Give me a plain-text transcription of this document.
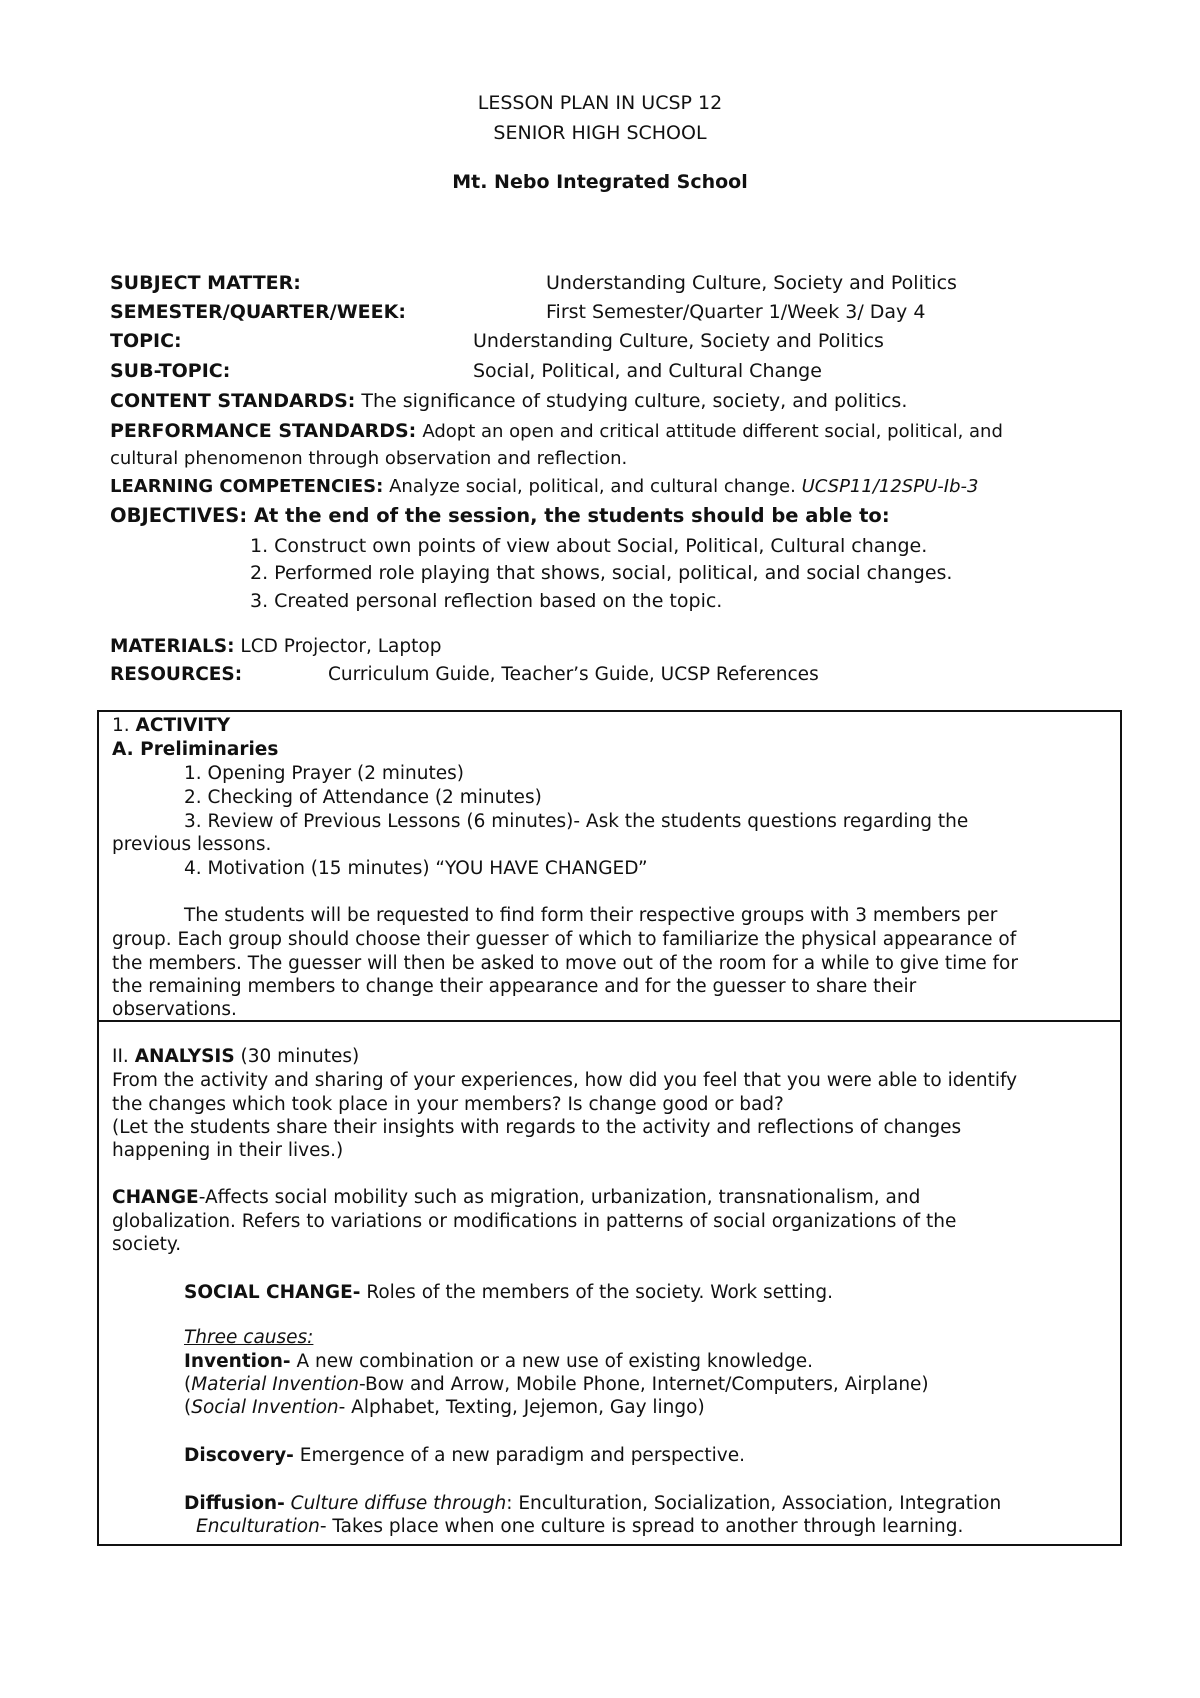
LESSON PLAN IN UCSP 12
SENIOR HIGH SCHOOL
Mt. Nebo Integrated School
SUBJECT MATTER:	Understanding Culture, Society and Politics
SEMESTER/QUARTER/WEEK:	First Semester/Quarter 1/Week 3/ Day 4
TOPIC:	Understanding Culture, Society and Politics
SUB-TOPIC:	Social, Political, and Cultural Change
CONTENT STANDARDS: The significance of studying culture, society, and politics.
PERFORMANCE STANDARDS: Adopt an open and critical attitude different social, political, and
cultural phenomenon through observation and reflection.
LEARNING COMPETENCIES: Analyze social, political, and cultural change. UCSP11/12SPU-Ib-3
OBJECTIVES: At the end of the session, the students should be able to:
1. Construct own points of view about Social, Political, Cultural change.
2. Performed role playing that shows, social, political, and social changes.
3. Created personal reflection based on the topic.
MATERIALS: LCD Projector, Laptop
RESOURCES:	Curriculum Guide, Teacher’s Guide, UCSP References
1. ACTIVITY
A. Preliminaries
1. Opening Prayer (2 minutes)
2. Checking of Attendance (2 minutes)
3. Review of Previous Lessons (6 minutes)- Ask the students questions regarding the
previous lessons.
4. Motivation (15 minutes) “YOU HAVE CHANGED”
The students will be requested to find form their respective groups with 3 members per
group. Each group should choose their guesser of which to familiarize the physical appearance of
the members. The guesser will then be asked to move out of the room for a while to give time for
the remaining members to change their appearance and for the guesser to share their
observations.
II. ANALYSIS (30 minutes)
From the activity and sharing of your experiences, how did you feel that you were able to identify
the changes which took place in your members? Is change good or bad?
(Let the students share their insights with regards to the activity and reflections of changes
happening in their lives.)
CHANGE-Affects social mobility such as migration, urbanization, transnationalism, and
globalization. Refers to variations or modifications in patterns of social organizations of the
society.
SOCIAL CHANGE- Roles of the members of the society. Work setting.
Three causes:
Invention- A new combination or a new use of existing knowledge.
(Material Invention-Bow and Arrow, Mobile Phone, Internet/Computers, Airplane)
(Social Invention- Alphabet, Texting, Jejemon, Gay lingo)
Discovery- Emergence of a new paradigm and perspective.
Diffusion- Culture diffuse through: Enculturation, Socialization, Association, Integration
Enculturation- Takes place when one culture is spread to another through learning.
